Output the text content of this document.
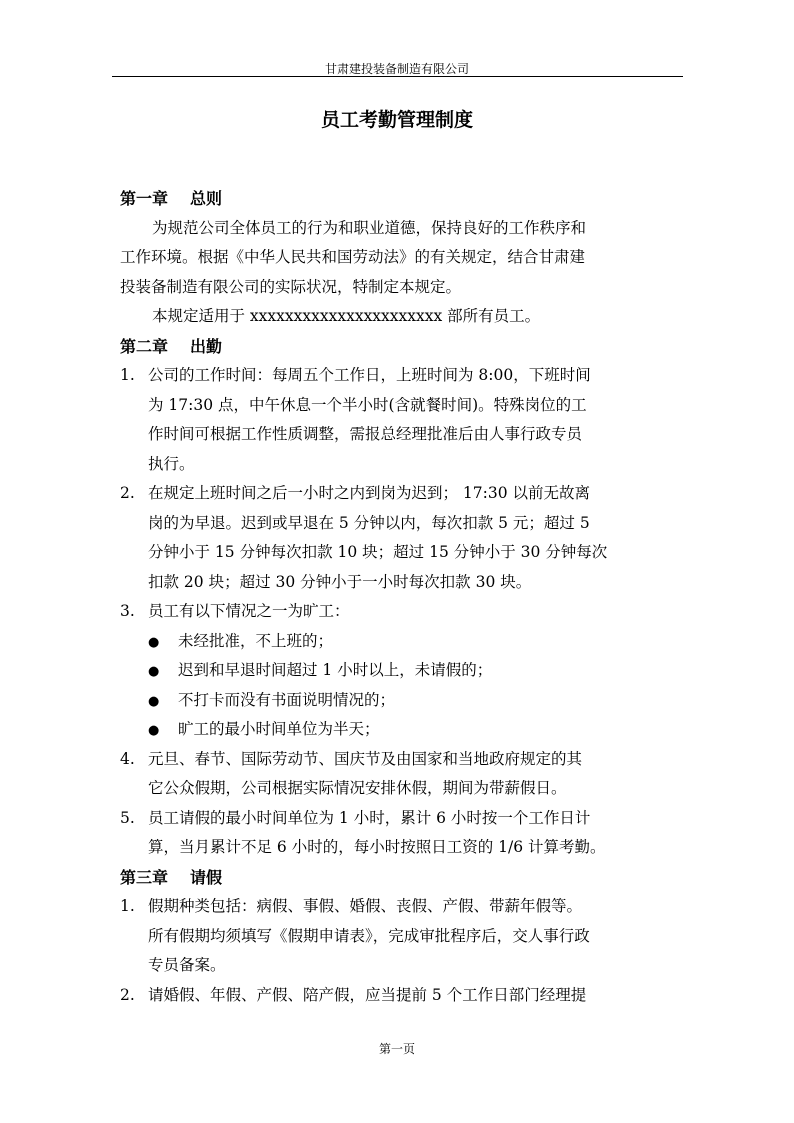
甘肃建投装备制造有限公司
员工考勤管理制度
第一章 总则
为规范公司全体员工的行为和职业道德，保持良好的工作秩序和
工作环境。根据《中华人民共和国劳动法》的有关规定，结合甘肃建
投装备制造有限公司的实际状况，特制定本规定。
本规定适用于 xxxxxxxxxxxxxxxxxxxxxx 部所有员工。
第二章 出勤
1. 公司的工作时间：每周五个工作日，上班时间为 8:00，下班时间
为 17:30 点，中午休息一个半小时(含就餐时间)。特殊岗位的工
作时间可根据工作性质调整，需报总经理批准后由人事行政专员
执行。
2. 在规定上班时间之后一小时之内到岗为迟到； 17:30 以前无故离
岗的为早退。迟到或早退在 5 分钟以内，每次扣款 5 元；超过 5
分钟小于 15 分钟每次扣款 10 块；超过 15 分钟小于 30 分钟每次
扣款 20 块；超过 30 分钟小于一小时每次扣款 30 块。
3. 员工有以下情况之一为旷工：
● 未经批准，不上班的；
● 迟到和早退时间超过 1 小时以上，未请假的；
● 不打卡而没有书面说明情况的；
● 旷工的最小时间单位为半天；
4. 元旦、春节、国际劳动节、国庆节及由国家和当地政府规定的其
它公众假期，公司根据实际情况安排休假，期间为带薪假日。
5. 员工请假的最小时间单位为 1 小时，累计 6 小时按一个工作日计
算，当月累计不足 6 小时的，每小时按照日工资的 1/6 计算考勤。
第三章 请假
1. 假期种类包括：病假、事假、婚假、丧假、产假、带薪年假等。
所有假期均须填写《假期申请表》，完成审批程序后，交人事行政
专员备案。
2. 请婚假、年假、产假、陪产假，应当提前 5 个工作日部门经理提
第一页
